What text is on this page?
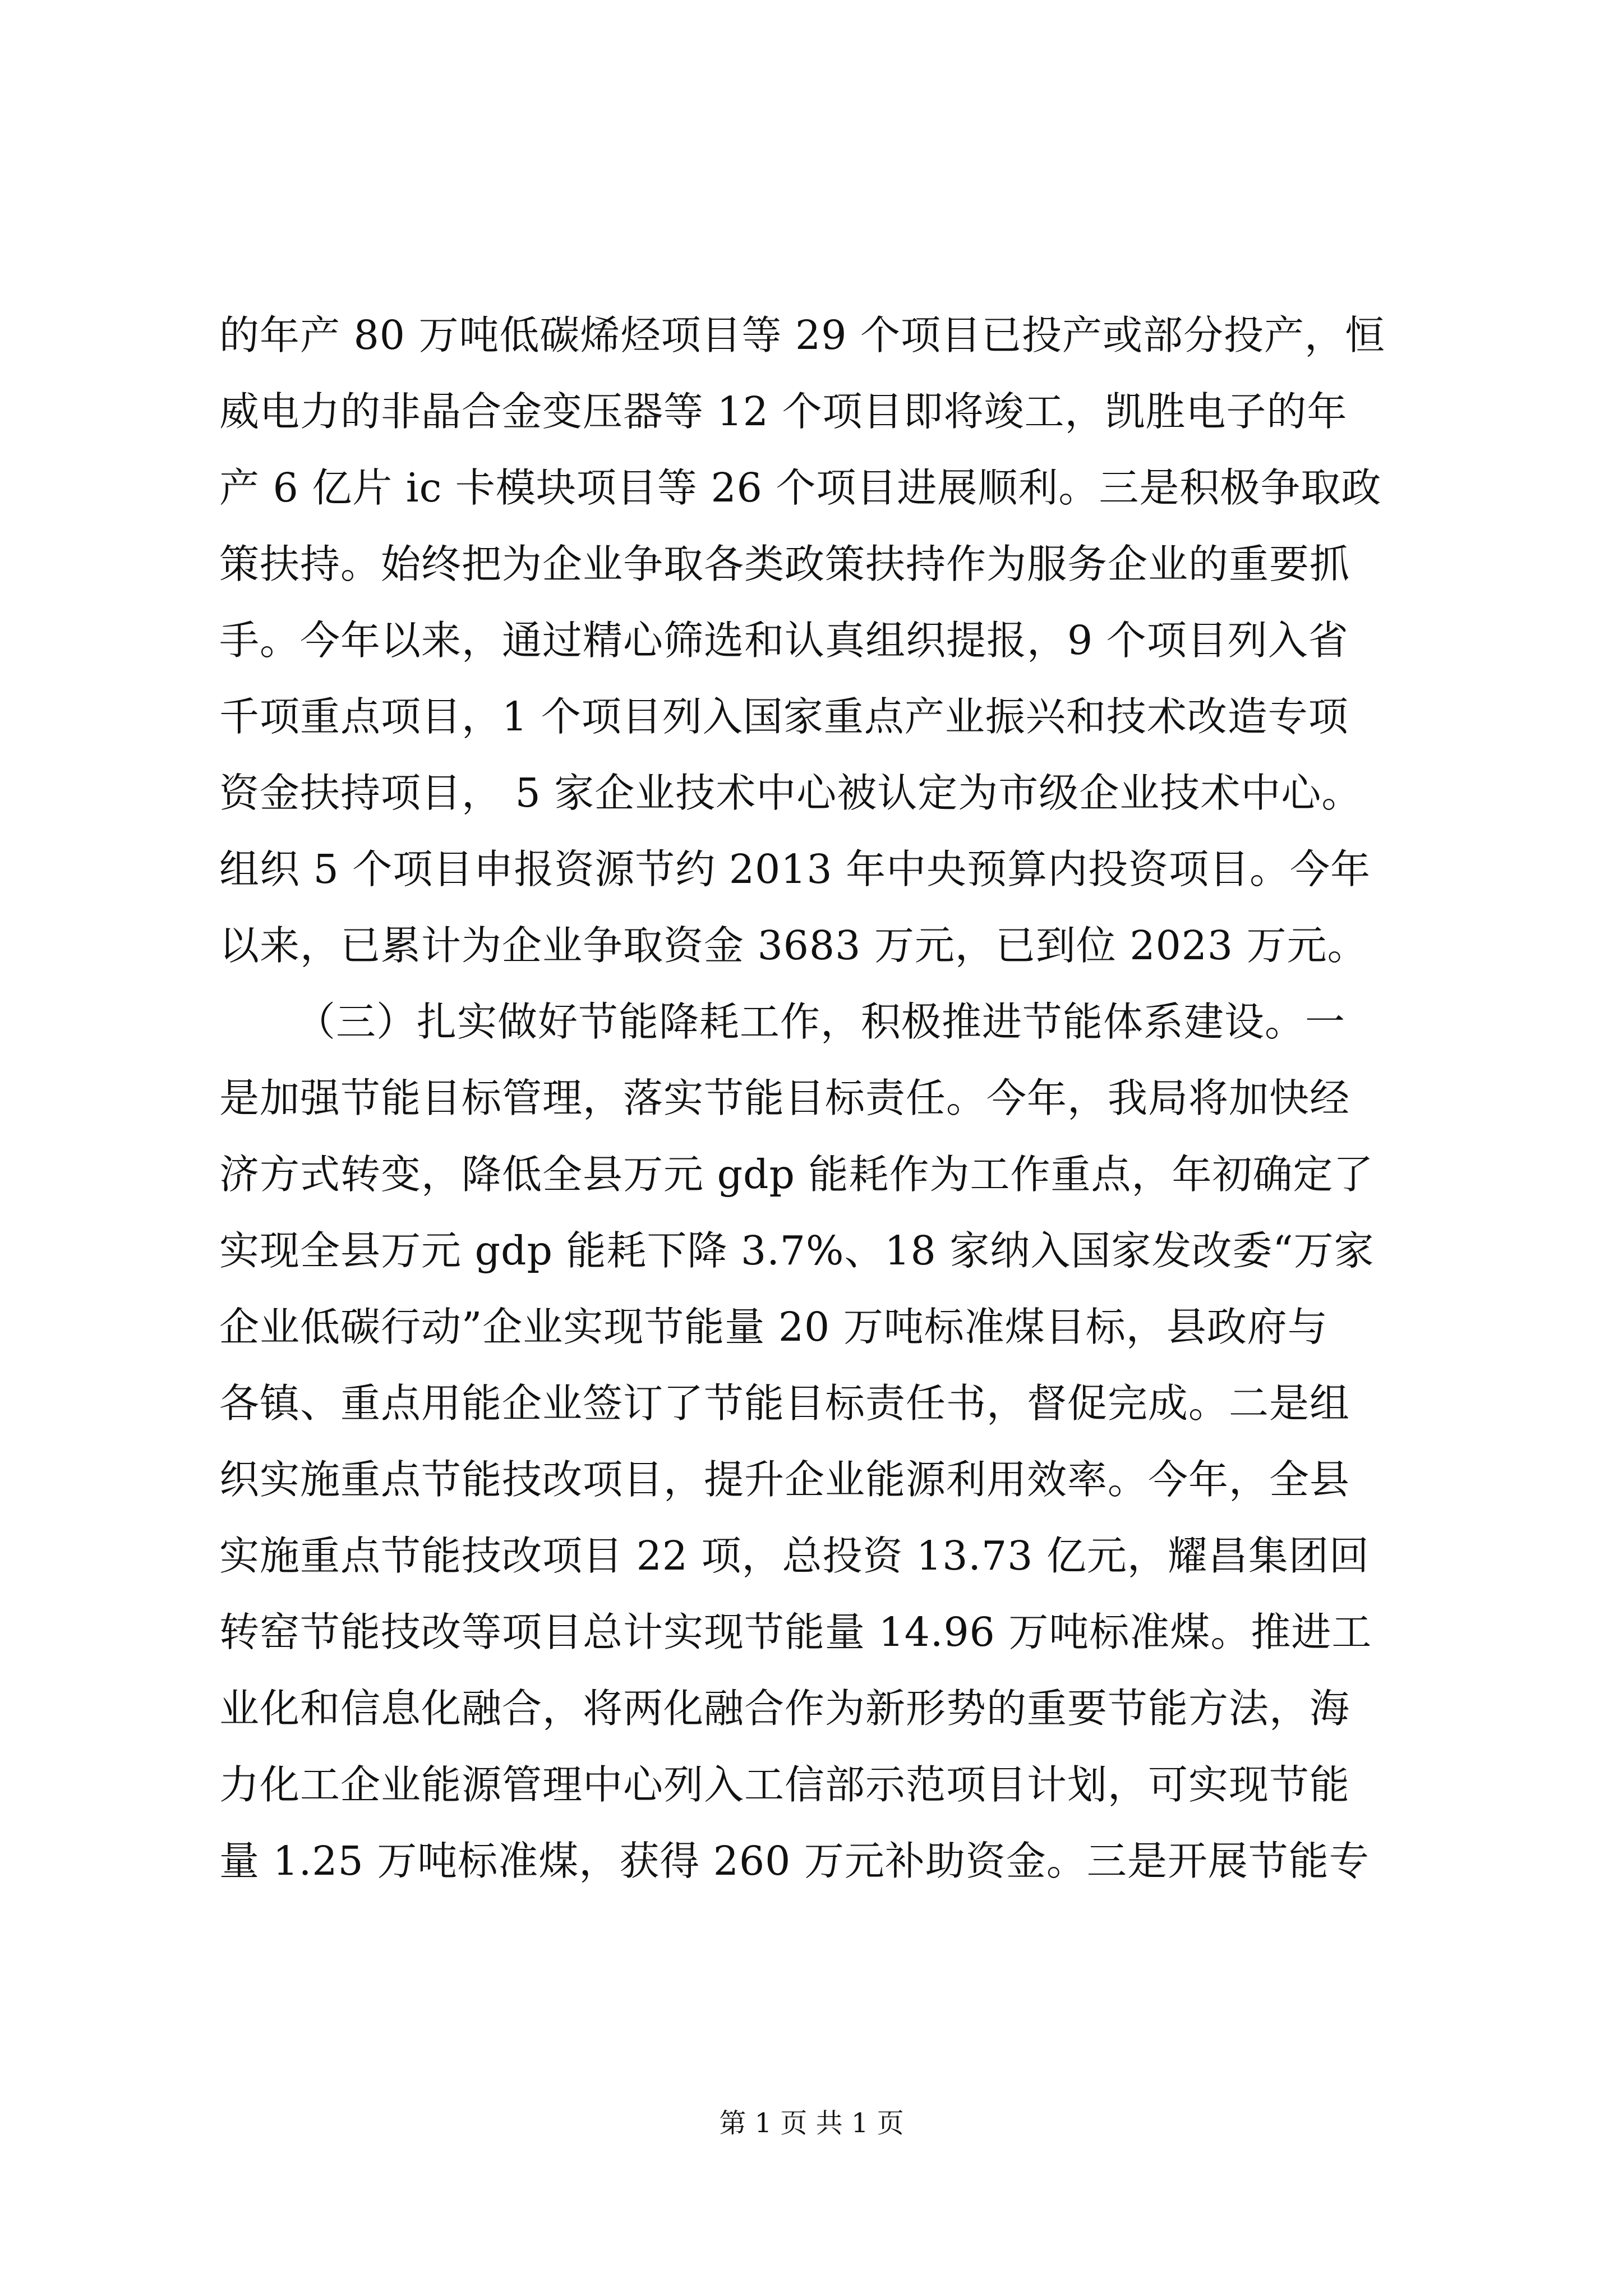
的年产 80 万吨低碳烯烃项目等 29 个项目已投产或部分投产，恒
威电力的非晶合金变压器等 12 个项目即将竣工，凯胜电子的年
产 6 亿片 ic 卡模块项目等 26 个项目进展顺利。三是积极争取政
策扶持。始终把为企业争取各类政策扶持作为服务企业的重要抓
手。今年以来，通过精心筛选和认真组织提报，9 个项目列入省
千项重点项目，1 个项目列入国家重点产业振兴和技术改造专项
资金扶持项目， 5 家企业技术中心被认定为市级企业技术中心。
组织 5 个项目申报资源节约 2013 年中央预算内投资项目。今年
以来，已累计为企业争取资金 3683 万元，已到位 2023 万元。
（三）扎实做好节能降耗工作，积极推进节能体系建设。一
是加强节能目标管理，落实节能目标责任。今年，我局将加快经
济方式转变，降低全县万元 gdp 能耗作为工作重点，年初确定了
实现全县万元 gdp 能耗下降 3.7%、18 家纳入国家发改委“万家
企业低碳行动”企业实现节能量 20 万吨标准煤目标，县政府与
各镇、重点用能企业签订了节能目标责任书，督促完成。二是组
织实施重点节能技改项目，提升企业能源利用效率。今年，全县
实施重点节能技改项目 22 项，总投资 13.73 亿元，耀昌集团回
转窑节能技改等项目总计实现节能量 14.96 万吨标准煤。推进工
业化和信息化融合，将两化融合作为新形势的重要节能方法，海
力化工企业能源管理中心列入工信部示范项目计划，可实现节能
量 1.25 万吨标准煤，获得 260 万元补助资金。三是开展节能专
第 1 页 共 1 页
